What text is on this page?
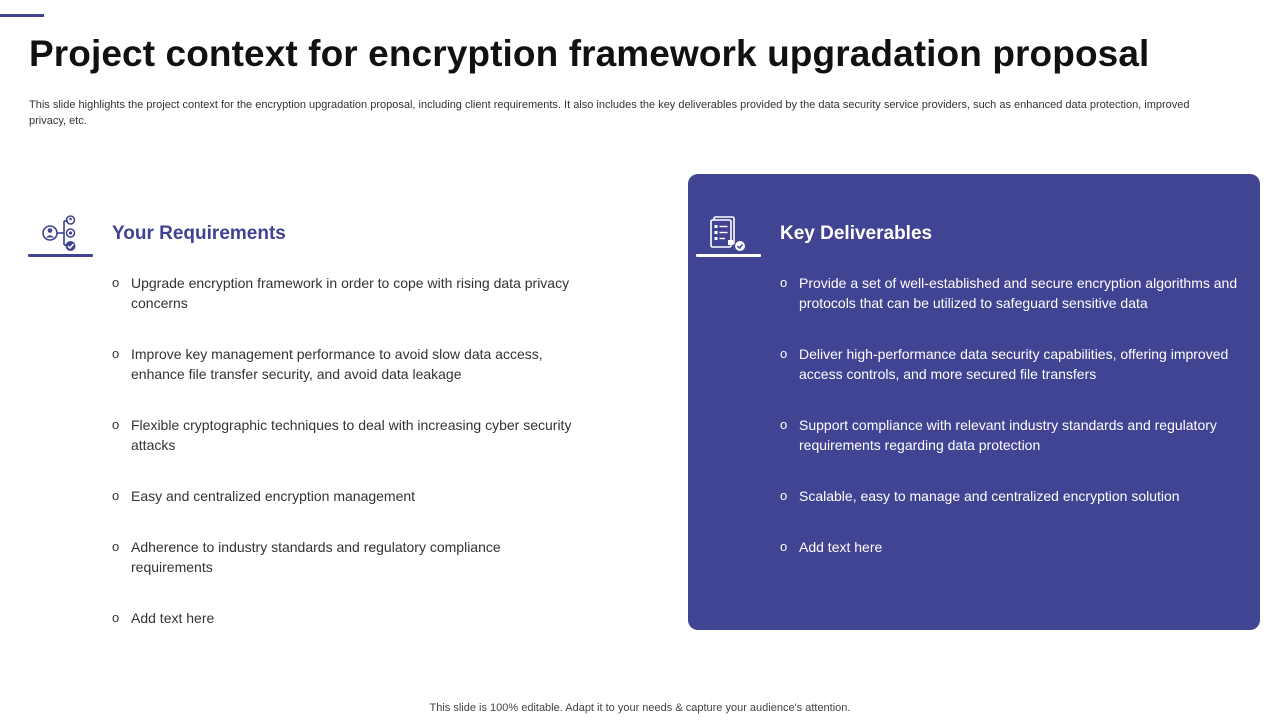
Project context for encryption framework upgradation proposal

This slide highlights the project context for the encryption upgradation proposal, including client requirements. It also includes the key deliverables provided by the data security service providers, such as enhanced data protection, improved privacy, etc.

Your Requirements
o Upgrade encryption framework in order to cope with rising data privacy concerns
o Improve key management performance to avoid slow data access, enhance file transfer security, and avoid data leakage
o Flexible cryptographic techniques to deal with increasing cyber security attacks
o Easy and centralized encryption management
o Adherence to industry standards and regulatory compliance requirements
o Add text here
Key Deliverables
o Provide a set of well-established and secure encryption algorithms and protocols that can be utilized to safeguard sensitive data
o Deliver high-performance data security capabilities, offering improved access controls, and more secured file transfers
o Support compliance with relevant industry standards and regulatory requirements regarding data protection
o Scalable, easy to manage and centralized encryption solution
o Add text here

This slide is 100% editable. Adapt it to your needs & capture your audience's attention.
